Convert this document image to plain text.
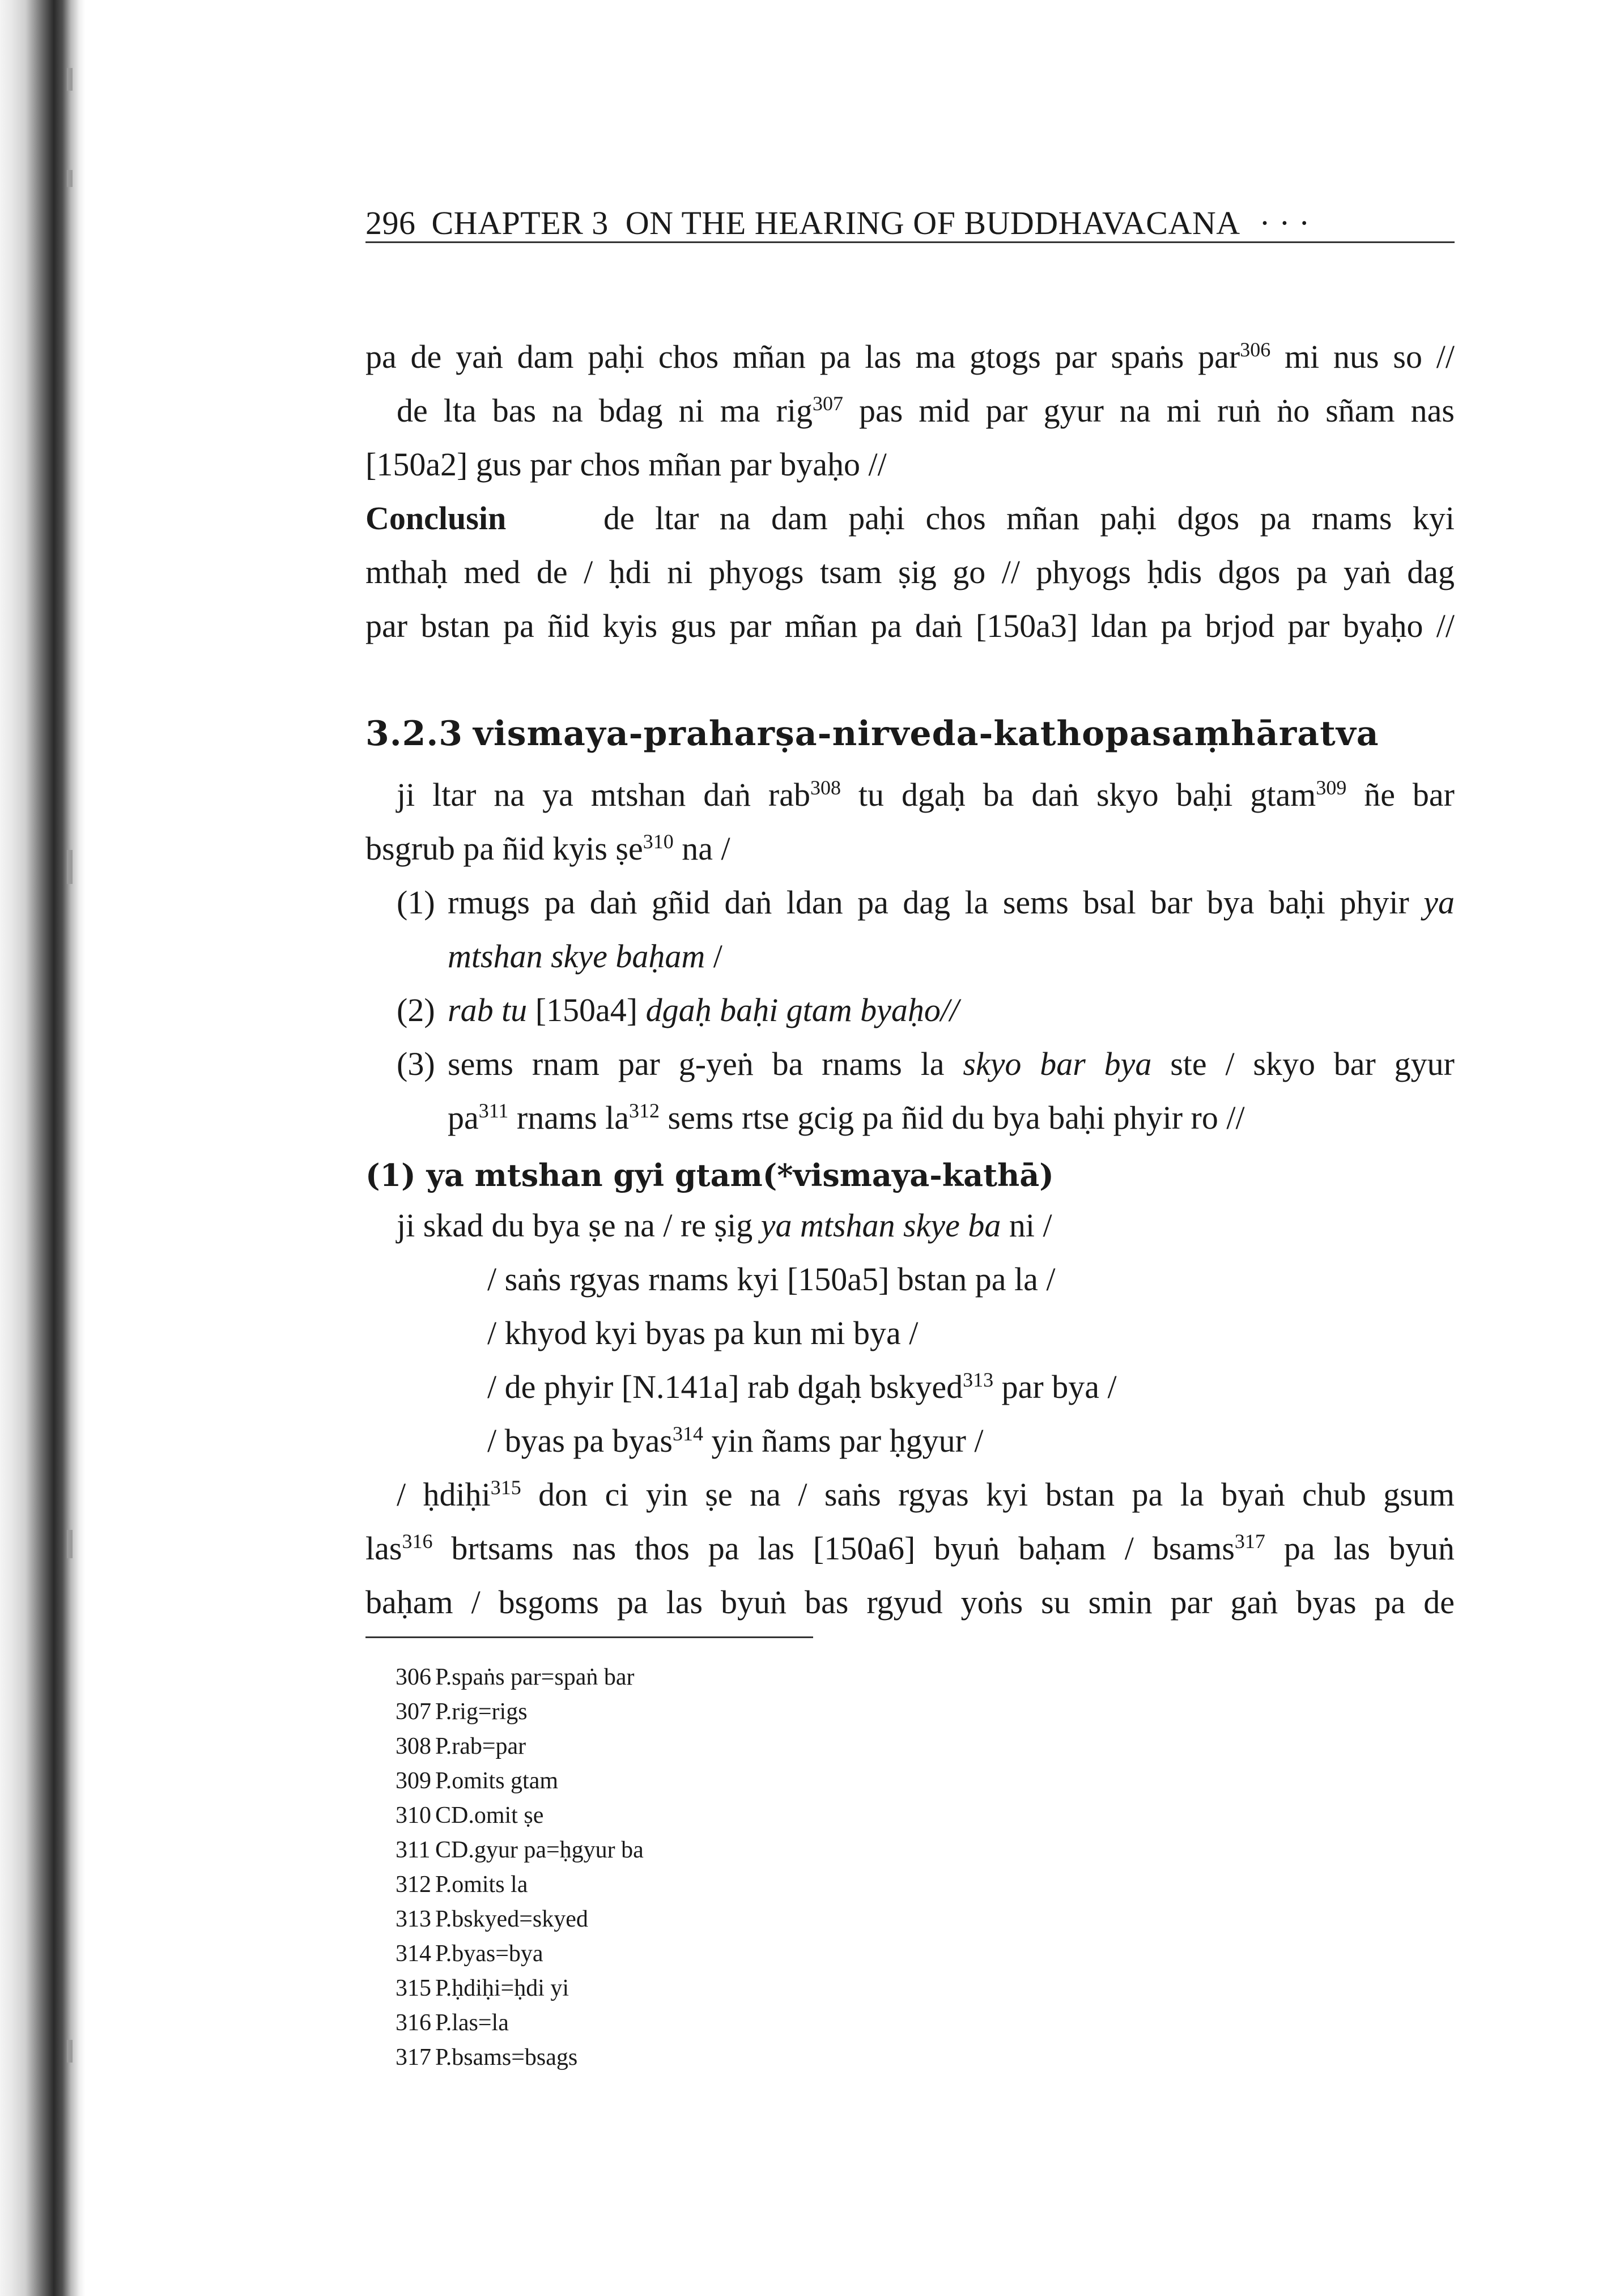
296 CHAPTER 3  ON THE HEARING OF BUDDHAVACANA · · ·
pa de yaṅ dam paḥi chos mñan pa las ma gtogs par spaṅs par$^{306}$ mi nus so //
de lta bas na bdag ni ma rig$^{307}$ pas mid par gyur na mi ruṅ ṅo sñam nas
[150a2] gus par chos mñan par byaḥo //
Conclusin	de ltar na dam paḥi chos mñan paḥi dgos pa rnams kyi
mthaḥ med de / ḥdi ni phyogs tsam ṣig go // phyogs ḥdis dgos pa yaṅ dag
par bstan pa ñid kyis gus par mñan pa daṅ [150a3] ldan pa brjod par byaḥo //
3.2.3 vismaya-praharṣa-nirveda-kathopasaṃhāratva
ji ltar na ya mtshan daṅ rab$^{308}$ tu dgaḥ ba daṅ skyo baḥi gtam$^{309}$ ñe bar
bsgrub pa ñid kyis ṣe$^{310}$ na /
(1) rmugs pa daṅ gñid daṅ ldan pa dag la sems bsal bar bya baḥi phyir ya
mtshan skye baḥam /
(2) rab tu [150a4] dgaḥ baḥi gtam byaḥo//
(3) sems rnam par g-yeṅ ba rnams la skyo bar bya ste / skyo bar gyur
$pa^{311}$ rnams $la^{312}$ sems rtse gcig pa ñid du bya baḥi phyir ro //
(1) ya mtshan gyi gtam(*vismaya-kathā)
ji skad du bya ṣe na / re ṣig ya mtshan skye ba ni /
/ saṅs rgyas rnams kyi [150a5] bstan pa la /
/ khyod kyi byas pa kun mi bya /
/ de phyir [N.141a] rab dgaḥ bskyed$^{313}$ par bya /
/ byas pa byas$^{314}$ yin ñams par ḥgyur /
/ ḥdiḥi$^{315}$ don ci yin ṣe na / saṅs rgyas kyi bstan pa la byaṅ chub gsum
las$^{316}$ brtsams nas thos pa las [150a6] byuṅ baḥam / bsams$^{317}$ pa las byuṅ
baḥam / bsgoms pa las byuṅ bas rgyud yoṅs su smin par gaṅ byas pa de
306 P.spaṅs par=spaṅ bar
307 P.rig=rigs
308 P.rab=par
309 P.omits gtam
310 CD.omit ṣe
311 CD.gyur pa=ḥgyur ba
312 P.omits la
313 P.bskyed=skyed
314 P.byas=bya
315 P.ḥdiḥi=ḥdi yi
316 P.las=la
317 P.bsams=bsags
